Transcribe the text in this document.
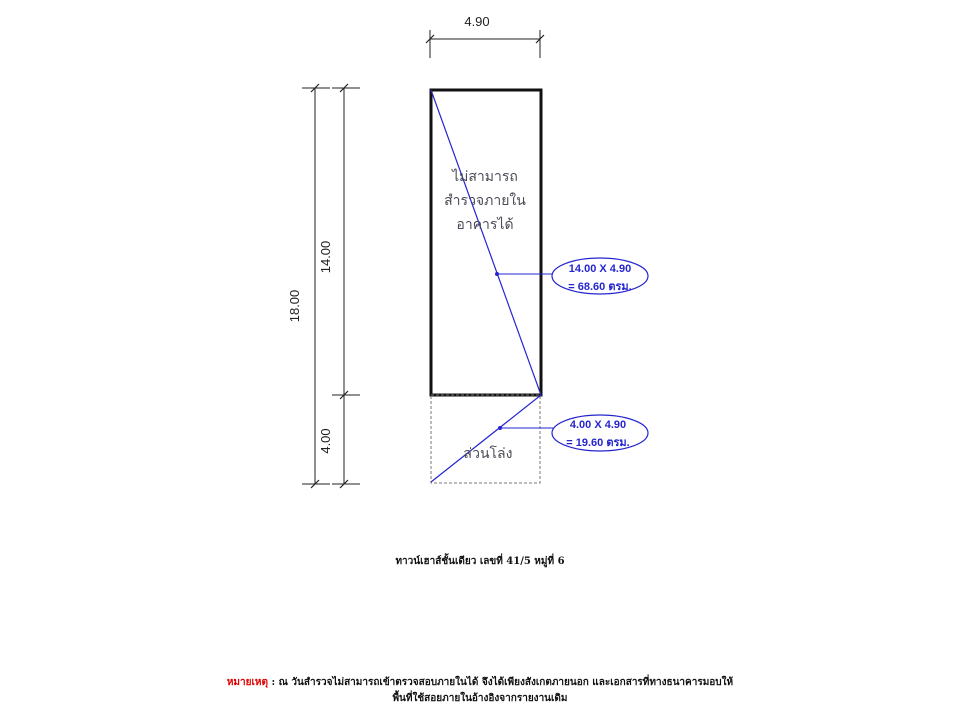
4.90
18.00
14.00
4.00
ไม่สามารถ
สำรวจภายใน
อาคารได้
ส่วนโล่ง
14.00 X 4.90
= 68.60 ตรม.
4.00 X 4.90
= 19.60 ตรม.
ทาวน์เฮาส์ชั้นเดียว เลขที่ 41/5 หมู่ที่ 6
หมายเหตุ : ณ วันสำรวจไม่สามารถเข้าตรวจสอบภายในได้ จึงได้เพียงสังเกตภายนอก และเอกสารที่ทางธนาคารมอบให้
พื้นที่ใช้สอยภายในอ้างอิงจากรายงานเดิม
